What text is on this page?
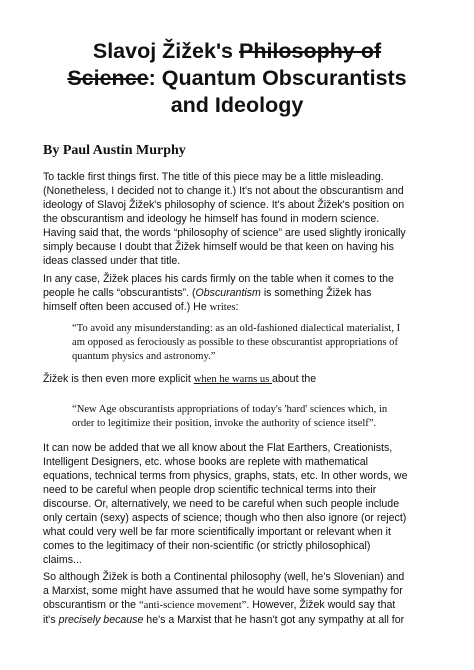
Slavoj Žižek's Philosophy of
Science: Quantum Obscurantists
and Ideology

By Paul Austin Murphy

To tackle first things first. The title of this piece may be a little misleading.
(Nonetheless, I decided not to change it.) It's not about the obscurantism and
ideology of Slavoj Žižek's philosophy of science. It's about Žižek's position on
the obscurantism and ideology he himself has found in modern science.
Having said that, the words “philosophy of science” are used slightly ironically
simply because I doubt that Žižek himself would be that keen on having his
ideas classed under that title.

In any case, Žižek places his cards firmly on the table when it comes to the
people he calls “obscurantists”. (Obscurantism is something Žižek has
himself often been accused of.) He writes:

“To avoid any misunderstanding: as an old-fashioned dialectical materialist, I
am opposed as ferociously as possible to these obscurantist appropriations of
quantum physics and astronomy.”

Žižek is then even more explicit when he warns us about the

“New Age obscurantists appropriations of today's 'hard' sciences which, in
order to legitimize their position, invoke the authority of science itself”.

It can now be added that we all know about the Flat Earthers, Creationists,
Intelligent Designers, etc. whose books are replete with mathematical
equations, technical terms from physics, graphs, stats, etc. In other words, we
need to be careful when people drop scientific technical terms into their
discourse. Or, alternatively, we need to be careful when such people include
only certain (sexy) aspects of science; though who then also ignore (or reject)
what could very well be far more scientifically important or relevant when it
comes to the legitimacy of their non-scientific (or strictly philosophical)
claims...

So although Žižek is both a Continental philosophy (well, he's Slovenian) and
a Marxist, some might have assumed that he would have some sympathy for
obscurantism or the “anti-science movement”. However, Žižek would say that
it's precisely because he's a Marxist that he hasn't got any sympathy at all for
